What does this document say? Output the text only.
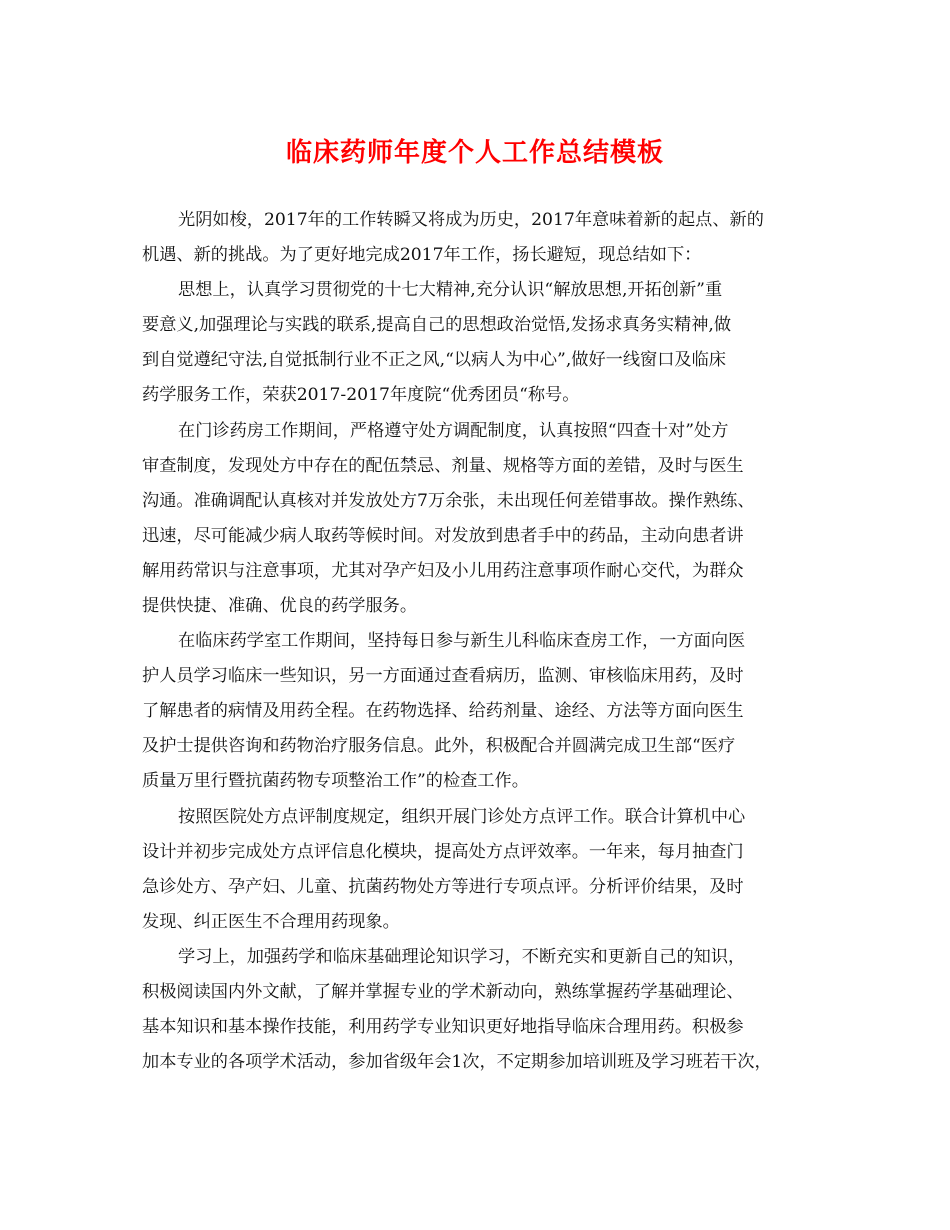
临床药师年度个人工作总结模板
光阴如梭，2017年的工作转瞬又将成为历史，2017年意味着新的起点、新的
机遇、新的挑战。为了更好地完成2017年工作，扬长避短，现总结如下：
思想上，认真学习贯彻党的十七大精神,充分认识“解放思想,开拓创新”重
要意义,加强理论与实践的联系,提高自己的思想政治觉悟,发扬求真务实精神,做
到自觉遵纪守法,自觉抵制行业不正之风,“以病人为中心”,做好一线窗口及临床
药学服务工作，荣获2017-2017年度院“优秀团员“称号。
在门诊药房工作期间，严格遵守处方调配制度，认真按照“四查十对”处方
审查制度，发现处方中存在的配伍禁忌、剂量、规格等方面的差错，及时与医生
沟通。准确调配认真核对并发放处方7万余张，未出现任何差错事故。操作熟练、
迅速，尽可能减少病人取药等候时间。对发放到患者手中的药品，主动向患者讲
解用药常识与注意事项，尤其对孕产妇及小儿用药注意事项作耐心交代，为群众
提供快捷、准确、优良的药学服务。
在临床药学室工作期间，坚持每日参与新生儿科临床查房工作，一方面向医
护人员学习临床一些知识，另一方面通过查看病历，监测、审核临床用药，及时
了解患者的病情及用药全程。在药物选择、给药剂量、途经、方法等方面向医生
及护士提供咨询和药物治疗服务信息。此外，积极配合并圆满完成卫生部“医疗
质量万里行暨抗菌药物专项整治工作”的检查工作。
按照医院处方点评制度规定，组织开展门诊处方点评工作。联合计算机中心
设计并初步完成处方点评信息化模块，提高处方点评效率。一年来，每月抽查门
急诊处方、孕产妇、儿童、抗菌药物处方等进行专项点评。分析评价结果，及时
发现、纠正医生不合理用药现象。
学习上，加强药学和临床基础理论知识学习，不断充实和更新自己的知识，
积极阅读国内外文献，了解并掌握专业的学术新动向，熟练掌握药学基础理论、
基本知识和基本操作技能，利用药学专业知识更好地指导临床合理用药。积极参
加本专业的各项学术活动，参加省级年会1次，不定期参加培训班及学习班若干次，
